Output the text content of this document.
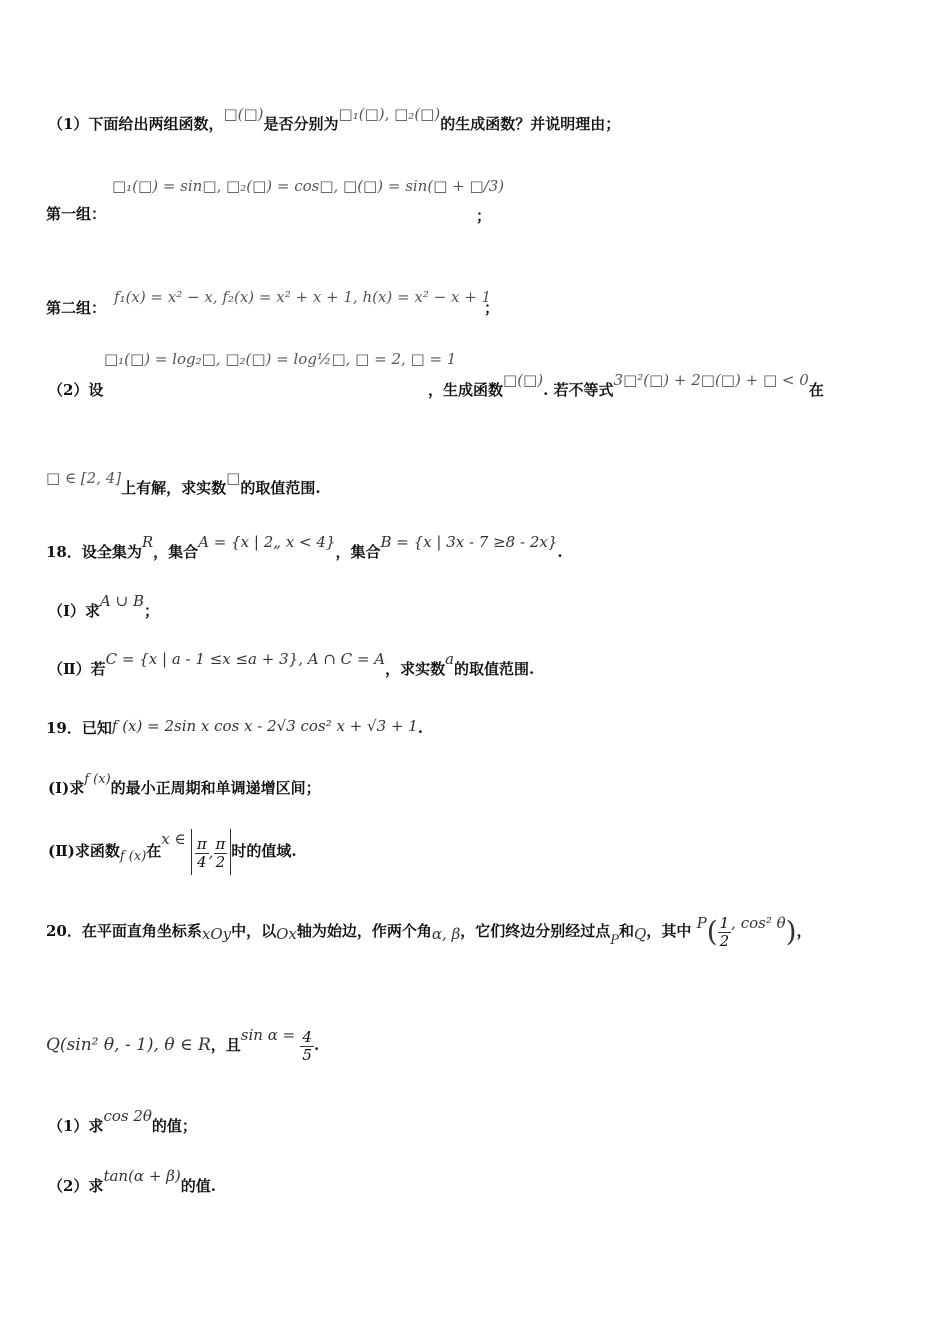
（1）下面给出两组函数，□(□)是否分别为□₁(□), □₂(□)的生成函数？并说明理由；
□₁(□) = sin□, □₂(□) = cos□, □(□) = sin(□ + □/3)
第一组：	；
f₁(x) = x² − x, f₂(x) = x² + x + 1, h(x) = x² − x + 1
第二组：	；
□₁(□) = log₂□, □₂(□) = log½□, □ = 2, □ = 1
（2）设	，生成函数□(□). 若不等式3□²(□) + 2□(□) + □ < 0在
□ ∈ [2, 4]上有解，求实数□的取值范围.
18．设全集为R，集合A = {x | 2„ x < 4}，集合B = {x | 3x - 7 ≥8 - 2x}.
（Ⅰ）求A ∪ B；
（Ⅱ）若C = {x | a - 1 ≤x ≤a + 3}, A ∩ C = A，求实数a的取值范围.
19．已知f (x) = 2sin x cos x - 2√3 cos² x + √3 + 1.
(Ⅰ)求f (x)的最小正周期和单调递增区间；
(Ⅱ)求函数f (x)在x ∈ $\frac{\pi}{4}$ , $\frac{\pi}{2}$ 时的值域.
20．在平面直角坐标系xOy中，以Ox轴为始边，作两个角α, β，它们终边分别经过点P和Q，其中 $P( \frac{1}{2}$ , cos² θ)，
Q(sin² θ, - 1), θ ∈ R，且$\sin \alpha = \frac{4}{5}$ .
（1）求cos 2θ的值；
（2）求tan(α + β)的值.
